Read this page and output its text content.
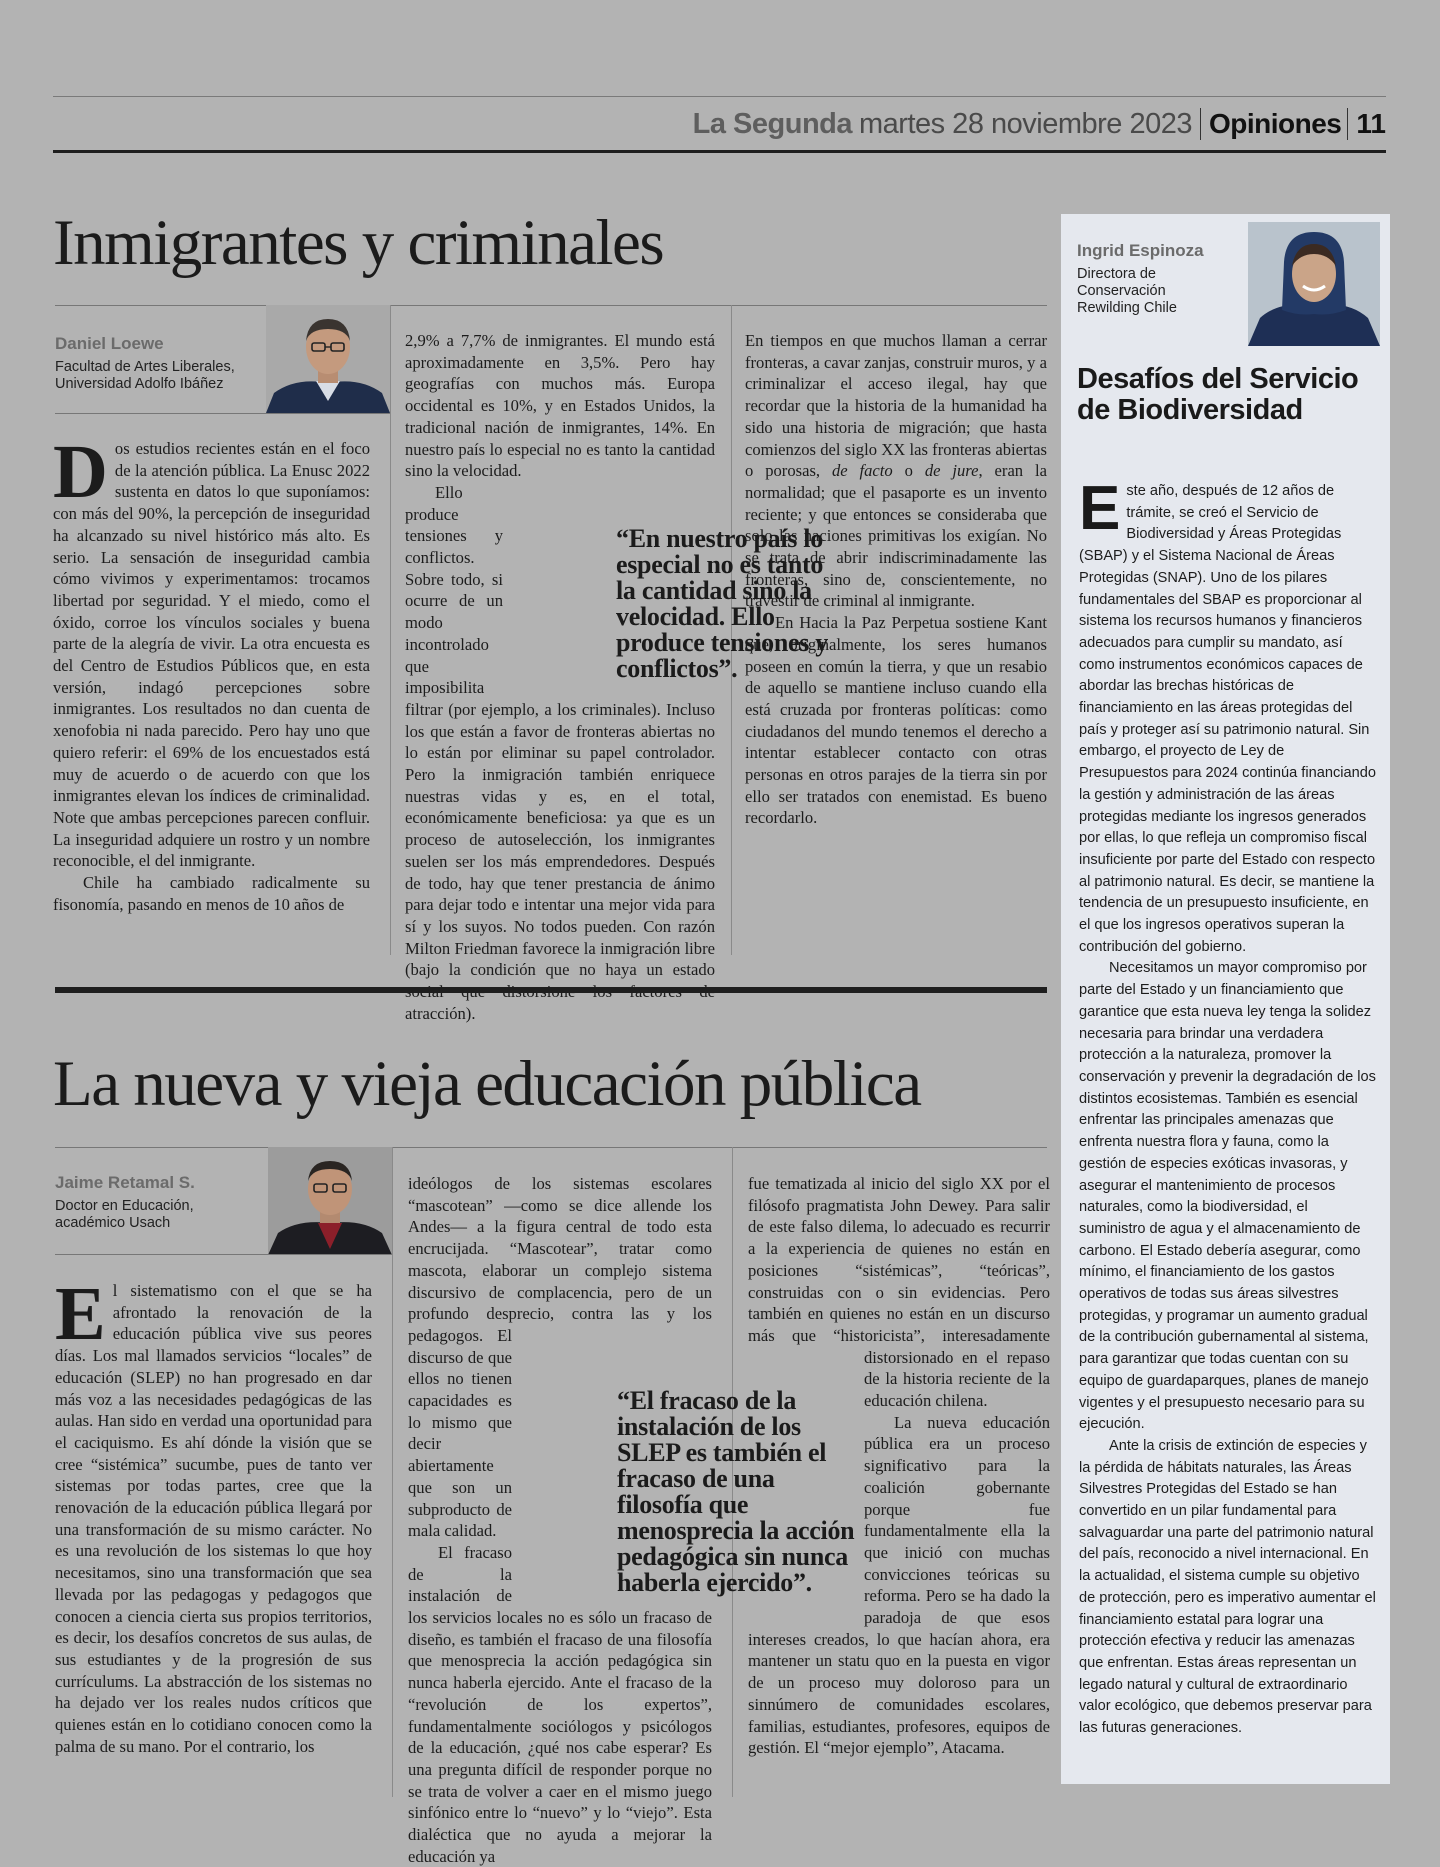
La Segunda martes 28 noviembre 2023 Opiniones 11
Inmigrantes y criminales
Daniel Loewe
Facultad de Artes Liberales,
Universidad Adolfo Ibáñez

Dos estudios recientes están en el foco de la atención pública. La Enusc 2022 sustenta en datos lo que suponíamos: con más del 90%, la percepción de inseguridad ha alcanzado su nivel histórico más alto. Es serio. La sensación de inseguridad cambia cómo vivimos y experimentamos: trocamos libertad por seguridad. Y el miedo, como el óxido, corroe los vínculos sociales y buena parte de la alegría de vivir. La otra encuesta es del Centro de Estudios Públicos que, en esta versión, indagó percepciones sobre inmigrantes. Los resultados no dan cuenta de xenofobia ni nada parecido. Pero hay uno que quiero referir: el 69% de los encuestados está muy de acuerdo o de acuerdo con que los inmigrantes elevan los índices de criminalidad. Note que ambas percepciones parecen confluir. La inseguridad adquiere un rostro y un nombre reconocible, el del inmigrante.

Chile ha cambiado radicalmente su fisonomía, pasando en menos de 10 años de

2,9% a 7,7% de inmigrantes. El mundo está aproximadamente en 3,5%. Pero hay geografías con muchos más. Europa occidental es 10%, y en Estados Unidos, la tradicional nación de inmigrantes, 14%. En nuestro país lo especial no es tanto la cantidad sino la velocidad.

Ello produce tensiones y conflictos. Sobre todo, si ocurre de un modo incontrolado que imposibilita filtrar (por ejemplo, a los criminales). Incluso los que están a favor de fronteras abiertas no lo están por eliminar su papel controlador. Pero la inmigración también enriquece nuestras vidas y es, en el total, económicamente beneficiosa: ya que es un proceso de autoselección, los inmigrantes suelen ser los más emprendedores. Después de todo, hay que tener prestancia de ánimo para dejar todo e intentar una mejor vida para sí y los suyos. No todos pueden. Con razón Milton Friedman favorece la inmigración libre (bajo la condición que no haya un estado social que distorsione los factores de atracción).

En tiempos en que muchos llaman a cerrar fronteras, a cavar zanjas, construir muros, y a criminalizar el acceso ilegal, hay que recordar que la historia de la humanidad ha sido una historia de migración; que hasta comienzos del siglo XX las fronteras abiertas o porosas, de facto o de jure, eran la normalidad; que el pasaporte es un invento reciente; y que entonces se consideraba que solo las naciones primitivas los exigían. No se trata de abrir indiscriminadamente las fronteras, sino de, conscientemente, no travestir de criminal al inmigrante.

En Hacia la Paz Perpetua sostiene Kant que, originalmente, los seres humanos poseen en común la tierra, y que un resabio de aquello se mantiene incluso cuando ella está cruzada por fronteras políticas: como ciudadanos del mundo tenemos el derecho a intentar establecer contacto con otras personas en otros parajes de la tierra sin por ello ser tratados con enemistad. Es bueno recordarlo.

“En nuestro país lo especial no es tanto la cantidad sino la velocidad. Ello produce tensiones y conflictos”.
La nueva y vieja educación pública
Jaime Retamal S.
Doctor en Educación,
académico Usach

El sistematismo con el que se ha afrontado la renovación de la educación pública vive sus peores días. Los mal llamados servicios “locales” de educación (SLEP) no han progresado en dar más voz a las necesidades pedagógicas de las aulas. Han sido en verdad una oportunidad para el caciquismo. Es ahí dónde la visión que se cree “sistémica” sucumbe, pues de tanto ver sistemas por todas partes, cree que la renovación de la educación pública llegará por una transformación de su mismo carácter. No es una revolución de los sistemas lo que hoy necesitamos, sino una transformación que sea llevada por las pedagogas y pedagogos que conocen a ciencia cierta sus propios territorios, es decir, los desafíos concretos de sus aulas, de sus estudiantes y de la progresión de sus currículums. La abstracción de los sistemas no ha dejado ver los reales nudos críticos que quienes están en lo cotidiano conocen como la palma de su mano. Por el contrario, los

ideólogos de los sistemas escolares “mascotean” —como se dice allende los Andes— a la figura central de todo esta encrucijada. “Mascotear”, tratar como mascota, elaborar un complejo sistema discursivo de complacencia, pero de un profundo desprecio, contra las y los pedagogos. El discurso de que ellos no tienen capacidades es lo mismo que decir abiertamente que son un subproducto de mala calidad.

El fracaso de la instalación de los servicios locales no es sólo un fracaso de diseño, es también el fracaso de una filosofía que menosprecia la acción pedagógica sin nunca haberla ejercido. Ante el fracaso de la “revolución de los expertos”, fundamentalmente sociólogos y psicólogos de la educación, ¿qué nos cabe esperar? Es una pregunta difícil de responder porque no se trata de volver a caer en el mismo juego sinfónico entre lo “nuevo” y lo “viejo”. Esta dialéctica que no ayuda a mejorar la educación ya

fue tematizada al inicio del siglo XX por el filósofo pragmatista John Dewey. Para salir de este falso dilema, lo adecuado es recurrir a la experiencia de quienes no están en posiciones “sistémicas”, “teóricas”, construidas con o sin evidencias. Pero también en quienes no están en un discurso más que “historicista”, interesadamente distorsionado en el repaso de la historia reciente de la educación chilena.

La nueva educación pública era un proceso significativo para la coalición gobernante porque fue fundamentalmente ella la que inició con muchas convicciones teóricas su reforma. Pero se ha dado la paradoja de que esos intereses creados, lo que hacían ahora, era mantener un statu quo en la puesta en vigor de un proceso muy doloroso para un sinnúmero de comunidades escolares, familias, estudiantes, profesores, equipos de gestión. El “mejor ejemplo”, Atacama.

“El fracaso de la instalación de los SLEP es también el fracaso de una filosofía que menosprecia la acción pedagógica sin nunca haberla ejercido”.
Ingrid Espinoza
Directora de
Conservación
Rewilding Chile
Desafíos del Servicio de Biodiversidad

Este año, después de 12 años de trámite, se creó el Servicio de Biodiversidad y Áreas Protegidas (SBAP) y el Sistema Nacional de Áreas Protegidas (SNAP). Uno de los pilares fundamentales del SBAP es proporcionar al sistema los recursos humanos y financieros adecuados para cumplir su mandato, así como instrumentos económicos capaces de abordar las brechas históricas de financiamiento en las áreas protegidas del país y proteger así su patrimonio natural. Sin embargo, el proyecto de Ley de Presupuestos para 2024 continúa financiando la gestión y administración de las áreas protegidas mediante los ingresos generados por ellas, lo que refleja un compromiso fiscal insuficiente por parte del Estado con respecto al patrimonio natural. Es decir, se mantiene la tendencia de un presupuesto insuficiente, en el que los ingresos operativos superan la contribución del gobierno.

Necesitamos un mayor compromiso por parte del Estado y un financiamiento que garantice que esta nueva ley tenga la solidez necesaria para brindar una verdadera protección a la naturaleza, promover la conservación y prevenir la degradación de los distintos ecosistemas. También es esencial enfrentar las principales amenazas que enfrenta nuestra flora y fauna, como la gestión de especies exóticas invasoras, y asegurar el mantenimiento de procesos naturales, como la biodiversidad, el suministro de agua y el almacenamiento de carbono. El Estado debería asegurar, como mínimo, el financiamiento de los gastos operativos de todas sus áreas silvestres protegidas, y programar un aumento gradual de la contribución gubernamental al sistema, para garantizar que todas cuentan con su equipo de guardaparques, planes de manejo vigentes y el presupuesto necesario para su ejecución.

Ante la crisis de extinción de especies y la pérdida de hábitats naturales, las Áreas Silvestres Protegidas del Estado se han convertido en un pilar fundamental para salvaguardar una parte del patrimonio natural del país, reconocido a nivel internacional. En la actualidad, el sistema cumple su objetivo de protección, pero es imperativo aumentar el financiamiento estatal para lograr una protección efectiva y reducir las amenazas que enfrentan. Estas áreas representan un legado natural y cultural de extraordinario valor ecológico, que debemos preservar para las futuras generaciones.
